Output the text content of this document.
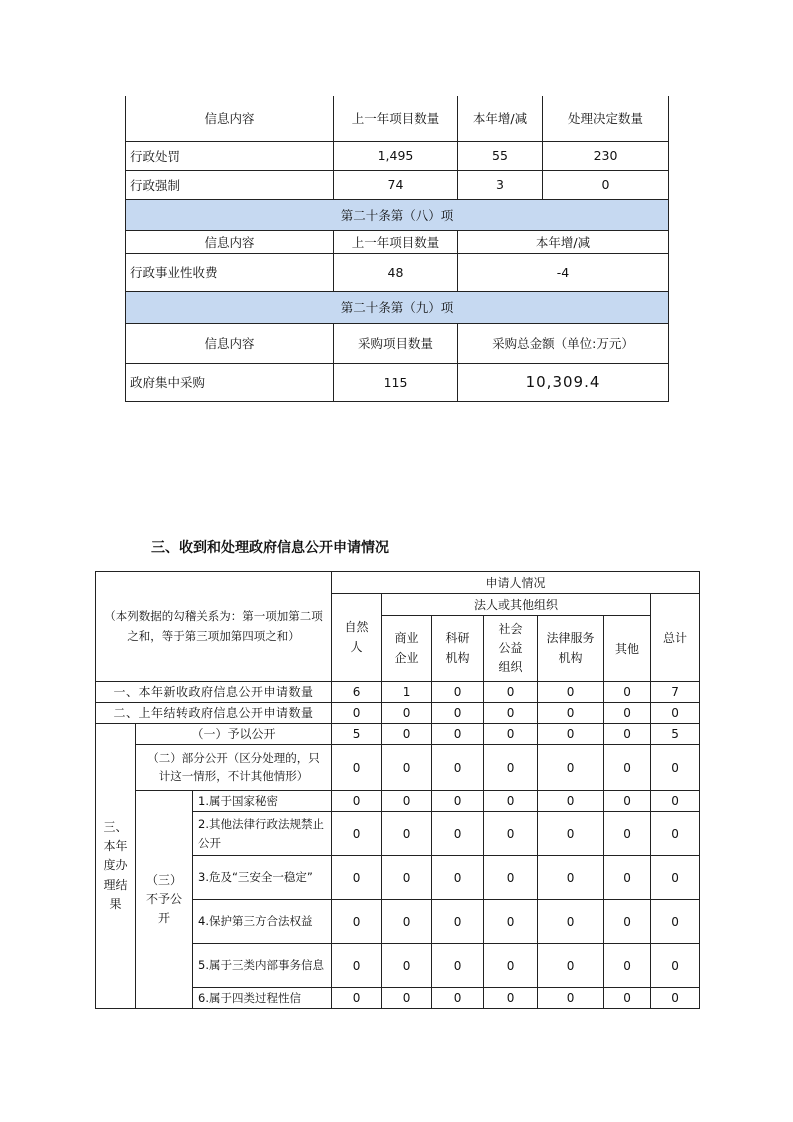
信息内容	上一年项目数量	本年增/减	处理决定数量
行政处罚	1,495	55	230
行政强制	74	3	0
第二十条第（八）项			
信息内容	上一年项目数量	本年增/减	
行政事业性收费	48	-4	
第二十条第（九）项			
信息内容	采购项目数量	采购总金额（单位:万元）	
政府集中采购	115	10,309.4	
三、收到和处理政府信息公开申请情况
（本列数据的勾稽关系为：第一项加第二项之和，等于第三项加第四项之和）			申请人情况						
			自然人	法人或其他组织					总计
				商业企业	科研机构	社会公益组织	法律服务机构	其他	
一、本年新收政府信息公开申请数量			6	1	0	0	0	0	7
二、上年结转政府信息公开申请数量			0	0	0	0	0	0	0
三、本年度办理结果	（一）予以公开		5	0	0	0	0	0	5
	（二）部分公开（区分处理的，只计这一情形，不计其他情形）		0	0	0	0	0	0	0
	（三）不予公开	1.属于国家秘密	0	0	0	0	0	0	0
		2.其他法律行政法规禁止公开	0	0	0	0	0	0	0
		3.危及“三安全一稳定”	0	0	0	0	0	0	0
		4.保护第三方合法权益	0	0	0	0	0	0	0
		5.属于三类内部事务信息	0	0	0	0	0	0	0
		6.属于四类过程性信	0	0	0	0	0	0	0
